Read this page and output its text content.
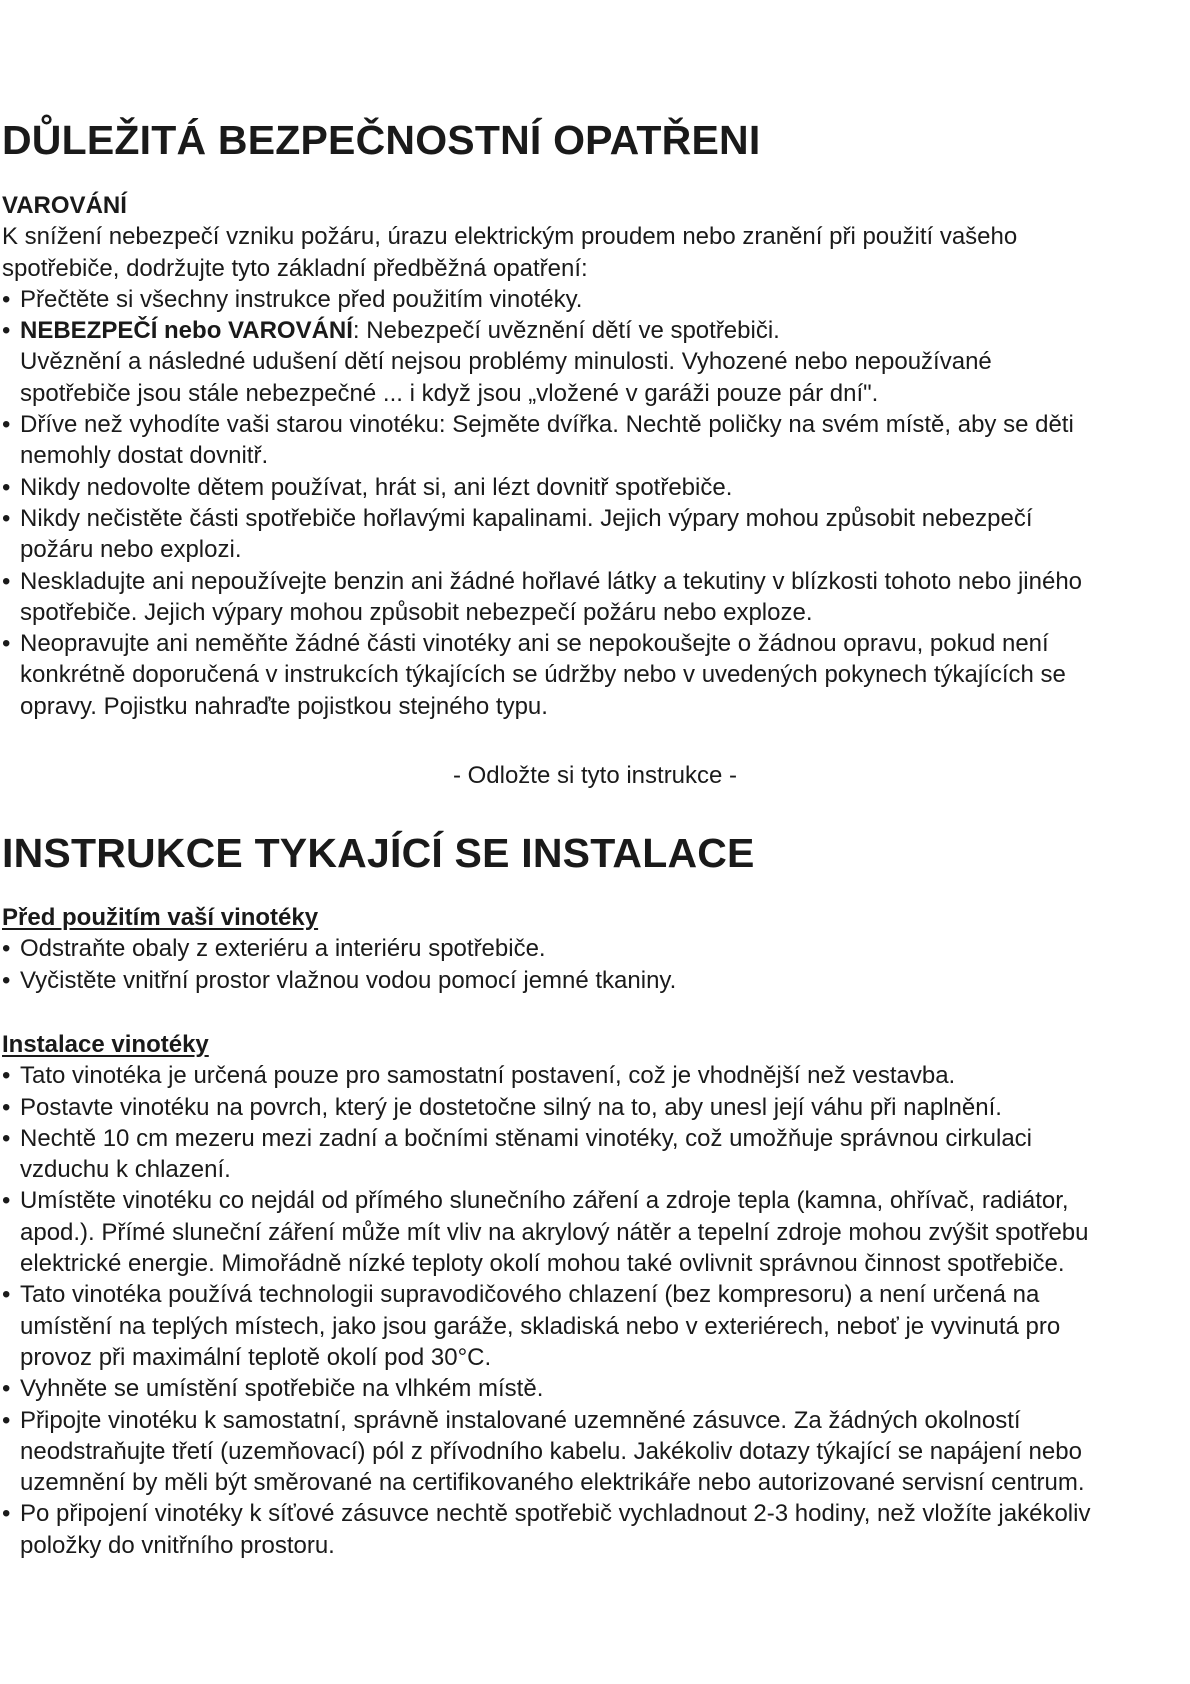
DŮLEŽITÁ BEZPEČNOSTNÍ OPATŘENI
VAROVÁNÍ
K snížení nebezpečí vzniku požáru, úrazu elektrickým proudem nebo zranění při použití vašeho
spotřebiče, dodržujte tyto základní předběžná opatření:
• Přečtěte si všechny instrukce před použitím vinotéky.
• NEBEZPEČÍ nebo VAROVÁNÍ: Nebezpečí uvěznění dětí ve spotřebiči.
Uvěznění a následné udušení dětí nejsou problémy minulosti. Vyhozené nebo nepoužívané
spotřebiče jsou stále nebezpečné ... i když jsou „vložené v garáži pouze pár dní".
• Dříve než vyhodíte vaši starou vinotéku: Sejměte dvířka. Nechtě poličky na svém místě, aby se děti
nemohly dostat dovnitř.
• Nikdy nedovolte dětem používat, hrát si, ani lézt dovnitř spotřebiče.
• Nikdy nečistěte části spotřebiče hořlavými kapalinami. Jejich výpary mohou způsobit nebezpečí
požáru nebo explozi.
• Neskladujte ani nepoužívejte benzin ani žádné hořlavé látky a tekutiny v blízkosti tohoto nebo jiného
spotřebiče. Jejich výpary mohou způsobit nebezpečí požáru nebo exploze.
• Neopravujte ani neměňte žádné části vinotéky ani se nepokoušejte o žádnou opravu, pokud není
konkrétně doporučená v instrukcích týkajících se údržby nebo v uvedených pokynech týkajících se
opravy. Pojistku nahraďte pojistkou stejného typu.
- Odložte si tyto instrukce -
INSTRUKCE TYKAJÍCÍ SE INSTALACE
Před použitím vaší vinotéky
• Odstraňte obaly z exteriéru a interiéru spotřebiče.
• Vyčistěte vnitřní prostor vlažnou vodou pomocí jemné tkaniny.
Instalace vinotéky
• Tato vinotéka je určená pouze pro samostatní postavení, což je vhodnější než vestavba.
• Postavte vinotéku na povrch, který je dostetočne silný na to, aby unesl její váhu při naplnění.
• Nechtě 10 cm mezeru mezi zadní a bočními stěnami vinotéky, což umožňuje správnou cirkulaci
vzduchu k chlazení.
• Umístěte vinotéku co nejdál od přímého slunečního záření a zdroje tepla (kamna, ohřívač, radiátor,
apod.). Přímé sluneční záření může mít vliv na akrylový nátěr a tepelní zdroje mohou zvýšit spotřebu
elektrické energie. Mimořádně nízké teploty okolí mohou také ovlivnit správnou činnost spotřebiče.
• Tato vinotéka používá technologii supravodičového chlazení (bez kompresoru) a není určená na
umístění na teplých místech, jako jsou garáže, skladiská nebo v exteriérech, neboť je vyvinutá pro
provoz při maximální teplotě okolí pod 30°C.
• Vyhněte se umístění spotřebiče na vlhkém místě.
• Připojte vinotéku k samostatní, správně instalované uzemněné zásuvce. Za žádných okolností
neodstraňujte třetí (uzemňovací) pól z přívodního kabelu. Jakékoliv dotazy týkající se napájení nebo
uzemnění by měli být směrované na certifikovaného elektrikáře nebo autorizované servisní centrum.
• Po připojení vinotéky k síťové zásuvce nechtě spotřebič vychladnout 2-3 hodiny, než vložíte jakékoliv
položky do vnitřního prostoru.
